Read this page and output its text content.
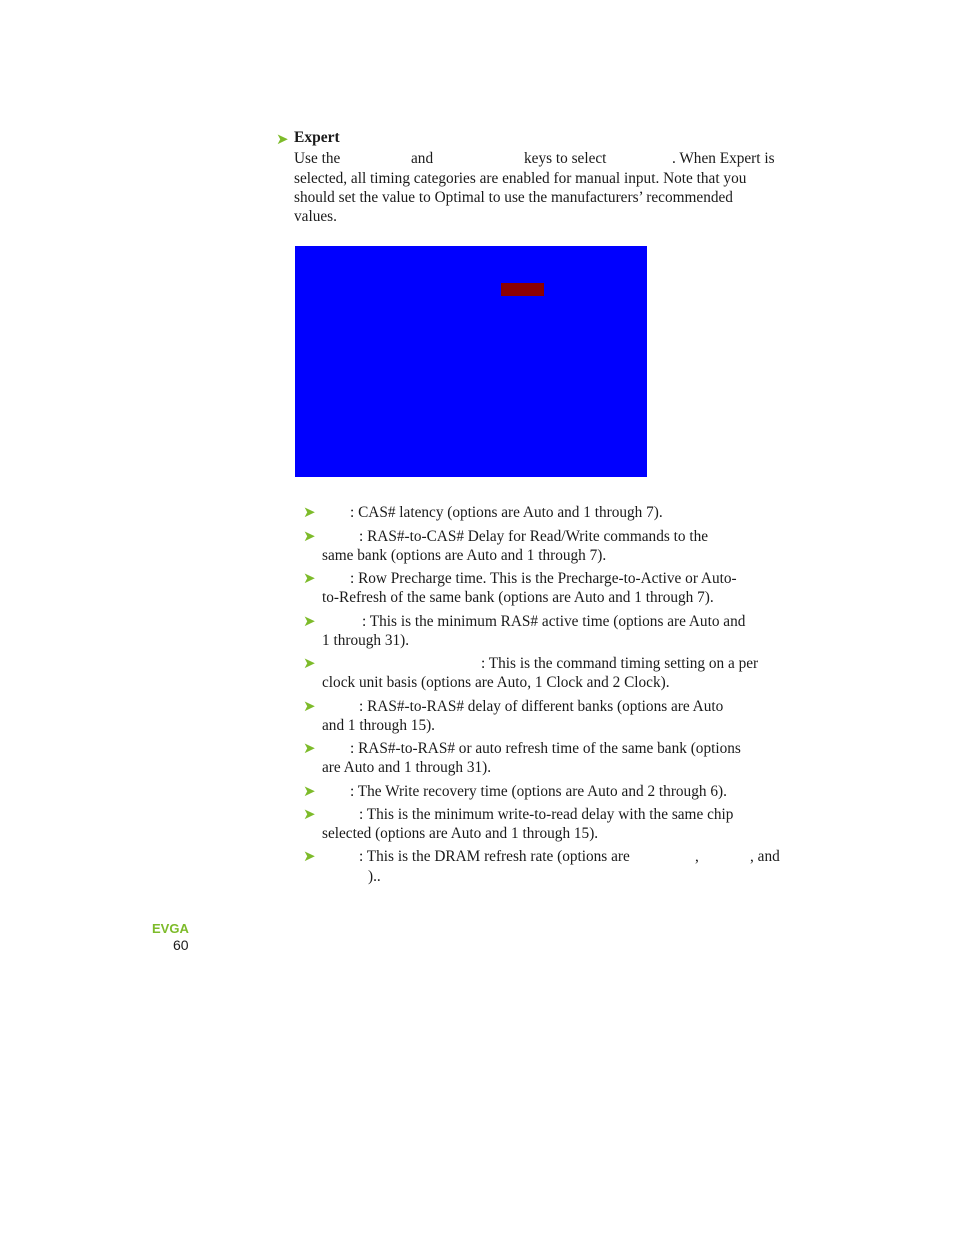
➤ Expert
Use the	and	keys to select	. When Expert is
selected, all timing categories are enabled for manual input. Note that you
should set the value to Optimal to use the manufacturers’ recommended
values.
➤ : CAS# latency (options are Auto and 1 through 7).
➤	: RAS#-to-CAS# Delay for Read/Write commands to the
same bank (options are Auto and 1 through 7).
➤ : Row Precharge time. This is the Precharge-to-Active or Auto-
to-Refresh of the same bank (options are Auto and 1 through 7).
➤	: This is the minimum RAS# active time (options are Auto and
1 through 31).
➤	: This is the command timing setting on a per
clock unit basis (options are Auto, 1 Clock and 2 Clock).
➤	: RAS#-to-RAS# delay of different banks (options are Auto
and 1 through 15).
➤ : RAS#-to-RAS# or auto refresh time of the same bank (options
are Auto and 1 through 31).
➤ : The Write recovery time (options are Auto and 2 through 6).
➤	: This is the minimum write-to-read delay with the same chip
selected (options are Auto and 1 through 15).
➤	: This is the DRAM refresh rate (options are	,	, and
)..
EVGA
60
